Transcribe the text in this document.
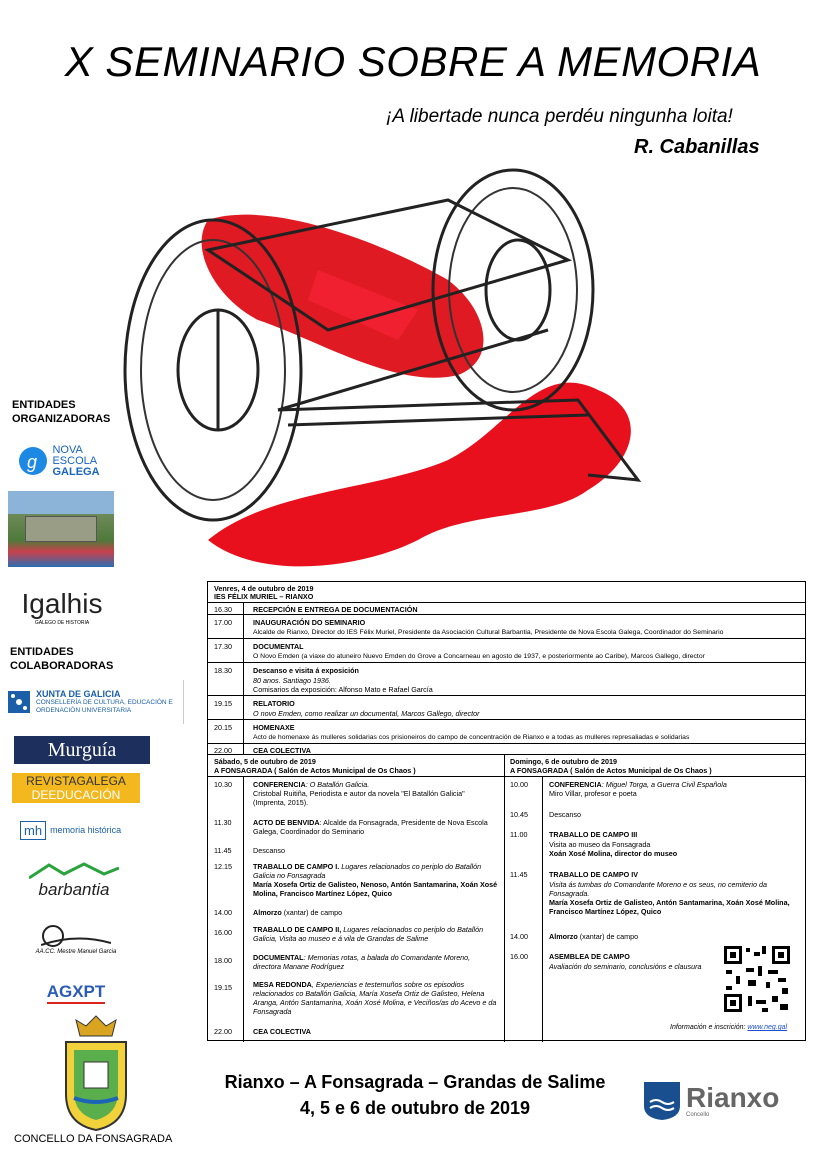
X SEMINARIO SOBRE A MEMORIA
¡A libertade nunca perdéu ningunha loita!
R. Cabanillas
ENTIDADES ORGANIZADORAS
g
NOVA
ESCOLA
GALEGA
Igalhis
GALEGO DE HISTORIA
ENTIDADES COLABORADORAS
XUNTA DE GALICIA
CONSELLERÍA DE CULTURA, EDUCACIÓN E ORDENACIÓN UNIVERSITARIA
Murguía
REVISTAGALEGA
DEEDUCACIÓN
mh memoria histórica
barbantia
AA.CC. Mestre Manuel Garcia
AGXPT
CONCELLO DA FONSAGRADA
Venres, 4 de outubro de 2019
IES FÉLIX MURIEL – RIANXO
16.30	RECEPCIÓN E ENTREGA DE DOCUMENTACIÓN
17.00	INAUGURACIÓN DO SEMINARIO
Alcalde de Rianxo, Director do IES Félix Muriel, Presidente da Asociación Cultural Barbantia, Presidente de Nova Escola Galega, Coordinador do Seminario
17.30	DOCUMENTAL
O Novo Emden (a viaxe do atuneiro Nuevo Emden do Grove a Concarneau en agosto de 1937, e posteriormente ao Caribe), Marcos Gallego, director
18.30	Descanso e visita á exposición
80 anos. Santiago 1936.
Comisarios da exposición: Alfonso Mato e Rafael García
19.15	RELATORIO
O novo Emden, como realizar un documental, Marcos Gallego, director
20.15	HOMENAXE
Acto de homenaxe ás mulleres solidarias cos prisioneiros do campo de concentración de Rianxo e a todas as mulleres represaliadas e solidarias
22.00	CEA COLECTIVA
Sábado, 5 de outubro de 2019
A FONSAGRADA ( Salón de Actos Municipal de Os Chaos )
Domingo, 6 de outubro de 2019
A FONSAGRADA ( Salón de Actos Municipal de Os Chaos )
10.30	CONFERENCIA: O Batallón Galicia.
Cristobal Ruitiña, Periodista e autor da novela "El Batallón Galicia" (Imprenta, 2015).
11.30	ACTO DE BENVIDA: Alcalde da Fonsagrada, Presidente de Nova Escola Galega, Coordinador do Seminario
11.45	Descanso
12.15	TRABALLO DE CAMPO I. Lugares relacionados co periplo do Batallón Galicia no Fonsagrada
María Xosefa Ortiz de Galisteo, Nenoso, Antón Santamarina, Xoán Xosé Molina, Francisco Martínez López, Quico
14.00	Almorzo (xantar) de campo
16.00	TRABALLO DE CAMPO II, Lugares relacionados co periplo do Batallón Galicia, Visita ao museo e á vila de Grandas de Salime
18.00	DOCUMENTAL: Memorias rotas, a balada do Comandante Moreno, directora Manane Rodríguez
19.15	MESA REDONDA, Experiencias e testemuños sobre os episodios relacionados co Batallón Galicia, María Xosefa Ortiz de Galisteo, Helena Aranga, Antón Santamarina, Xoán Xosé Molina, e Veciños/as do Acevo e da Fonsagrada
22.00	CEA COLECTIVA
10.00	CONFERENCIA: Miguel Torga, a Guerra Civil Española
Miro Villar, profesor e poeta
10.45	Descanso
11.00	TRABALLO DE CAMPO III
Visita ao museo da Fonsagrada
Xoán Xosé Molina, director do museo
11.45	TRABALLO DE CAMPO IV
Visita ás tumbas do Comandante Moreno e os seus, no cemiterio da Fonsagrada.
María Xosefa Ortiz de Galisteo, Antón Santamarina, Xoán Xosé Molina, Francisco Martínez López, Quico
14.00	Almorzo (xantar) de campo
16.00	ASEMBLEA DE CAMPO
Avaliación do seminario, conclusións e clausura
Información e inscrición: www.neg.gal
Rianxo – A Fonsagrada – Grandas de Salime
4, 5 e 6 de outubro de 2019	Rianxo
Concello
